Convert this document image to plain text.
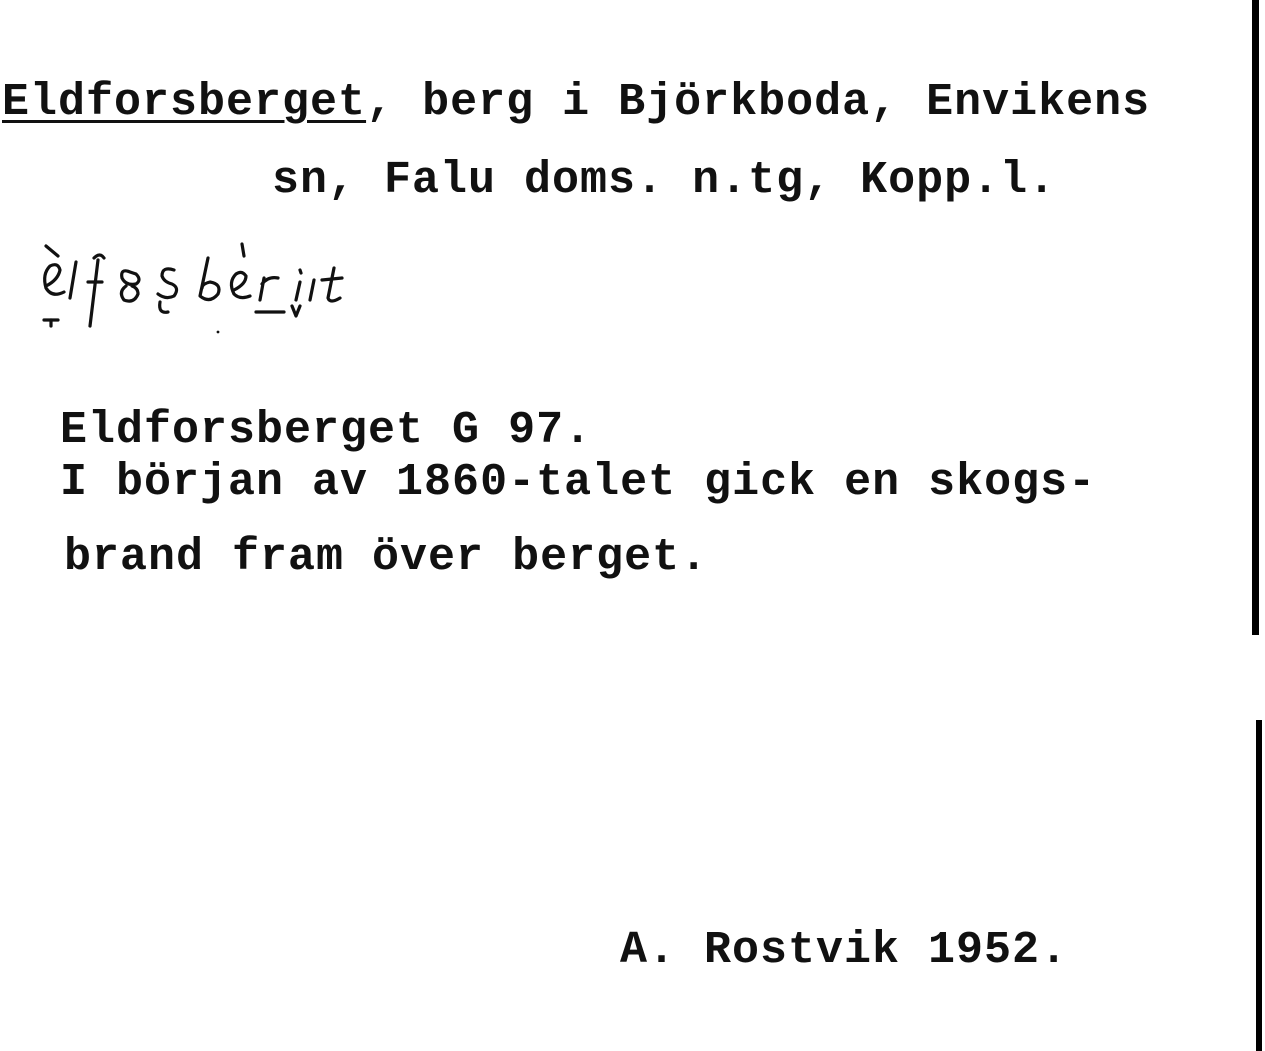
Eldforsberget, berg i Björkboda, Envikens
sn, Falu doms. n.tg, Kopp.l.
Eldforsberget G 97.
I början av 1860-talet gick en skogs-
brand fram över berget.
A. Rostvik 1952.
